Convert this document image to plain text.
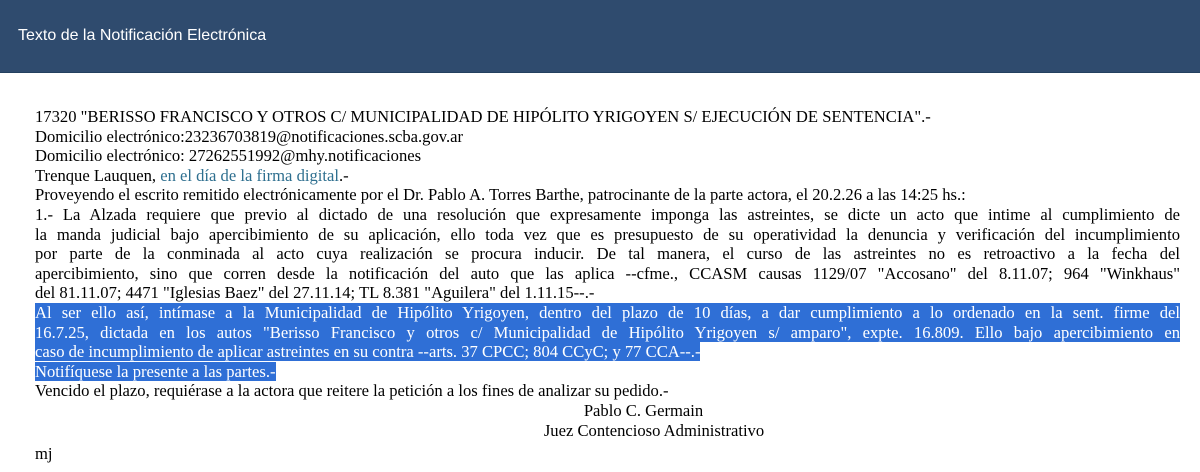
Texto de la Notificación Electrónica
17320 "BERISSO FRANCISCO Y OTROS C/ MUNICIPALIDAD DE HIPÓLITO YRIGOYEN S/ EJECUCIÓN DE SENTENCIA".-
Domicilio electrónico:23236703819@notificaciones.scba.gov.ar
Domicilio electrónico: 27262551992@mhy.notificaciones
Trenque Lauquen, en el día de la firma digital.-
Proveyendo el escrito remitido electrónicamente por el Dr. Pablo A. Torres Barthe, patrocinante de la parte actora, el 20.2.26 a las 14:25 hs.:
1.- La Alzada requiere que previo al dictado de una resolución que expresamente imponga las astreintes, se dicte un acto que intime al cumplimiento de
la manda judicial bajo apercibimiento de su aplicación, ello toda vez que es presupuesto de su operatividad la denuncia y verificación del incumplimiento
por parte de la conminada al acto cuya realización se procura inducir. De tal manera, el curso de las astreintes no es retroactivo a la fecha del
apercibimiento, sino que corren desde la notificación del auto que las aplica --cfme., CCASM causas 1129/07 "Accosano" del 8.11.07; 964 "Winkhaus"
del 81.11.07; 4471 "Iglesias Baez" del 27.11.14; TL 8.381 "Aguilera" del 1.11.15--.-
Al ser ello así, intímase a la Municipalidad de Hipólito Yrigoyen, dentro del plazo de 10 días, a dar cumplimiento a lo ordenado en la sent. firme del
16.7.25, dictada en los autos "Berisso Francisco y otros c/ Municipalidad de Hipólito Yrigoyen s/ amparo", expte. 16.809. Ello bajo apercibimiento en
caso de incumplimiento de aplicar astreintes en su contra --arts. 37 CPCC; 804 CCyC; y 77 CCA--.-
Notifíquese la presente a las partes.-
Vencido el plazo, requiérase a la actora que reitere la petición a los fines de analizar su pedido.-
Pablo C. Germain
Juez Contencioso Administrativo
mj
